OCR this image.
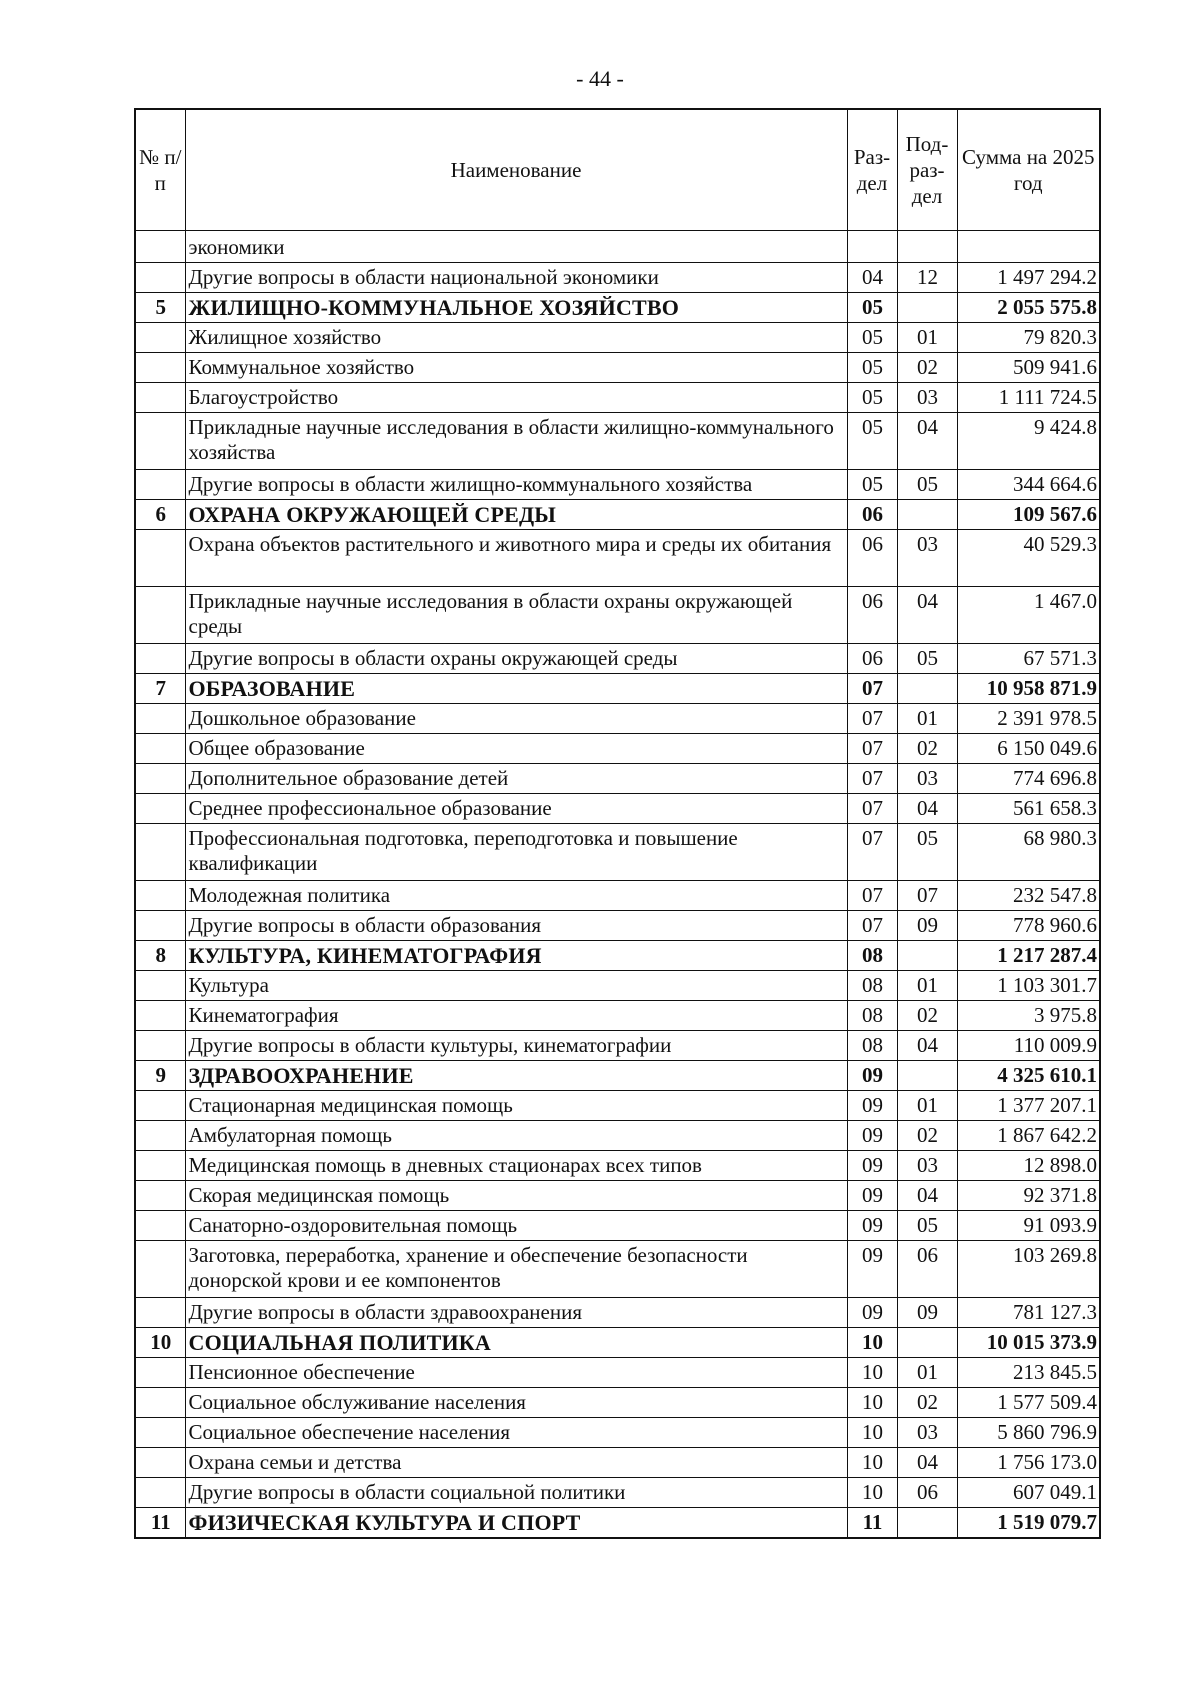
- 44 -
№ п/п	Наименование	Раз-дел	Под-раз-дел	Сумма на 2025 год
	экономики			
	Другие вопросы в области национальной экономики	04	12	1 497 294.2
5	ЖИЛИЩНО-КОММУНАЛЬНОЕ ХОЗЯЙСТВО	05		2 055 575.8
	Жилищное хозяйство	05	01	79 820.3
	Коммунальное хозяйство	05	02	509 941.6
	Благоустройство	05	03	1 111 724.5
	Прикладные научные исследования в области жилищно-коммунального хозяйства	05	04	9 424.8
	Другие вопросы в области жилищно-коммунального хозяйства	05	05	344 664.6
6	ОХРАНА ОКРУЖАЮЩЕЙ СРЕДЫ	06		109 567.6
	Охрана объектов растительного и животного мира и среды их обитания	06	03	40 529.3
	Прикладные научные исследования в области охраны окружающей среды	06	04	1 467.0
	Другие вопросы в области охраны окружающей среды	06	05	67 571.3
7	ОБРАЗОВАНИЕ	07		10 958 871.9
	Дошкольное образование	07	01	2 391 978.5
	Общее образование	07	02	6 150 049.6
	Дополнительное образование детей	07	03	774 696.8
	Среднее профессиональное образование	07	04	561 658.3
	Профессиональная подготовка, переподготовка и повышение квалификации	07	05	68 980.3
	Молодежная политика	07	07	232 547.8
	Другие вопросы в области образования	07	09	778 960.6
8	КУЛЬТУРА, КИНЕМАТОГРАФИЯ	08		1 217 287.4
	Культура	08	01	1 103 301.7
	Кинематография	08	02	3 975.8
	Другие вопросы в области культуры, кинематографии	08	04	110 009.9
9	ЗДРАВООХРАНЕНИЕ	09		4 325 610.1
	Стационарная медицинская помощь	09	01	1 377 207.1
	Амбулаторная помощь	09	02	1 867 642.2
	Медицинская помощь в дневных стационарах всех типов	09	03	12 898.0
	Скорая медицинская помощь	09	04	92 371.8
	Санаторно-оздоровительная помощь	09	05	91 093.9
	Заготовка, переработка, хранение и обеспечение безопасности донорской крови и ее компонентов	09	06	103 269.8
	Другие вопросы в области здравоохранения	09	09	781 127.3
10	СОЦИАЛЬНАЯ ПОЛИТИКА	10		10 015 373.9
	Пенсионное обеспечение	10	01	213 845.5
	Социальное обслуживание населения	10	02	1 577 509.4
	Социальное обеспечение населения	10	03	5 860 796.9
	Охрана семьи и детства	10	04	1 756 173.0
	Другие вопросы в области социальной политики	10	06	607 049.1
11	ФИЗИЧЕСКАЯ КУЛЬТУРА И СПОРТ	11		1 519 079.7
